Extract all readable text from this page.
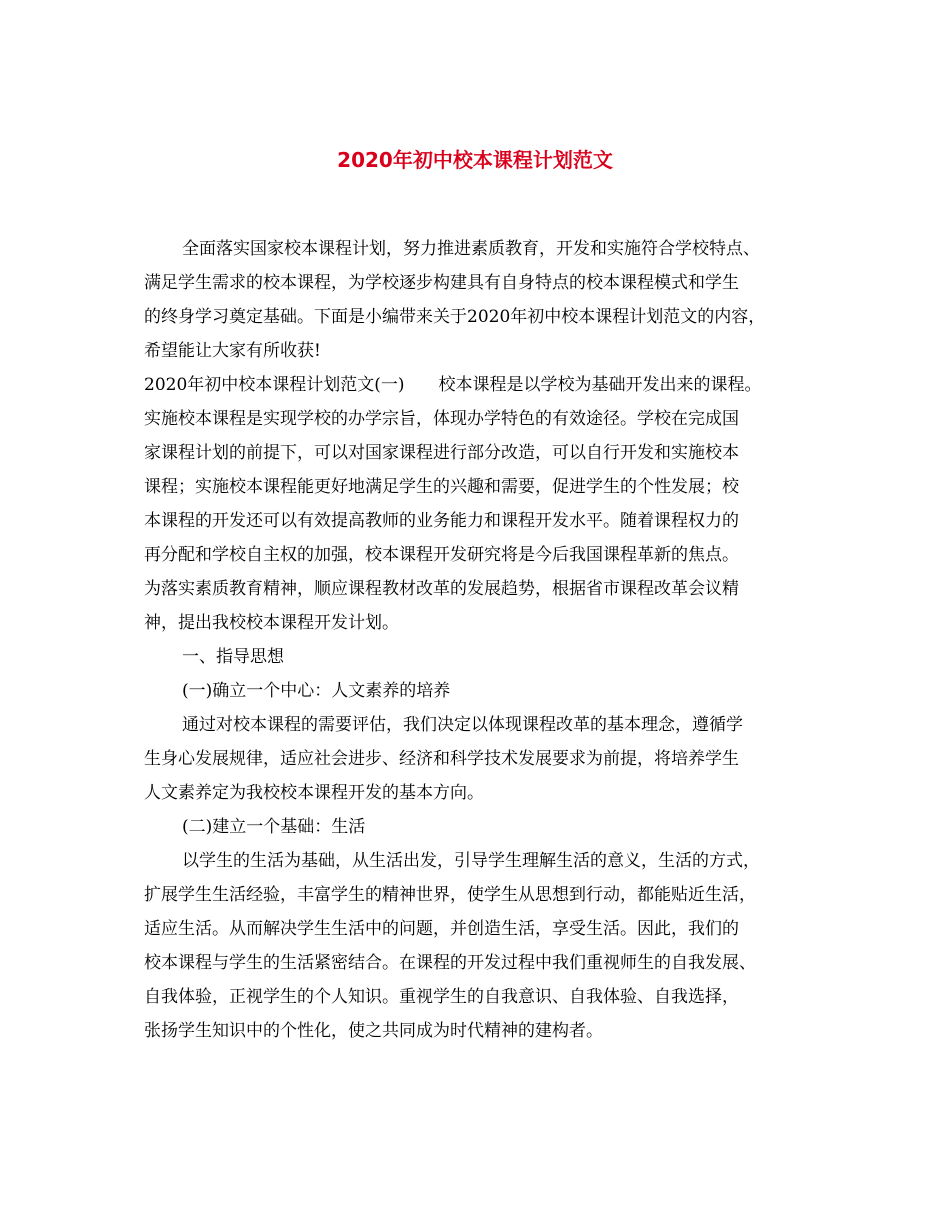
2020年初中校本课程计划范文
全面落实国家校本课程计划，努力推进素质教育，开发和实施符合学校特点、
满足学生需求的校本课程，为学校逐步构建具有自身特点的校本课程模式和学生
的终身学习奠定基础。下面是小编带来关于2020年初中校本课程计划范文的内容，
希望能让大家有所收获!
2020年初中校本课程计划范文(一)　　校本课程是以学校为基础开发出来的课程。
实施校本课程是实现学校的办学宗旨，体现办学特色的有效途径。学校在完成国
家课程计划的前提下，可以对国家课程进行部分改造，可以自行开发和实施校本
课程；实施校本课程能更好地满足学生的兴趣和需要，促进学生的个性发展；校
本课程的开发还可以有效提高教师的业务能力和课程开发水平。随着课程权力的
再分配和学校自主权的加强，校本课程开发研究将是今后我国课程革新的焦点。
为落实素质教育精神，顺应课程教材改革的发展趋势，根据省市课程改革会议精
神，提出我校校本课程开发计划。
一、指导思想
(一)确立一个中心：人文素养的培养
通过对校本课程的需要评估，我们决定以体现课程改革的基本理念，遵循学
生身心发展规律，适应社会进步、经济和科学技术发展要求为前提，将培养学生
人文素养定为我校校本课程开发的基本方向。
(二)建立一个基础：生活
以学生的生活为基础，从生活出发，引导学生理解生活的意义，生活的方式，
扩展学生生活经验，丰富学生的精神世界，使学生从思想到行动，都能贴近生活，
适应生活。从而解决学生生活中的问题，并创造生活，享受生活。因此，我们的
校本课程与学生的生活紧密结合。在课程的开发过程中我们重视师生的自我发展、
自我体验，正视学生的个人知识。重视学生的自我意识、自我体验、自我选择，
张扬学生知识中的个性化，使之共同成为时代精神的建构者。
